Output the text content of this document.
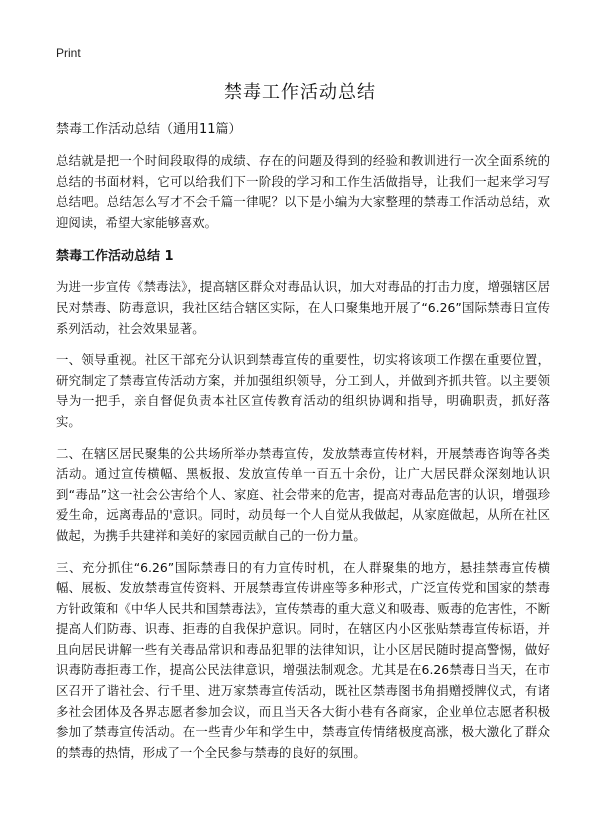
Print
禁毒工作活动总结

禁毒工作活动总结（通用11篇）

总结就是把一个时间段取得的成绩、存在的问题及得到的经验和教训进行一次全面系统的总结的书面材料，它可以给我们下一阶段的学习和工作生活做指导，让我们一起来学习写总结吧。总结怎么写才不会千篇一律呢？以下是小编为大家整理的禁毒工作活动总结，欢迎阅读，希望大家能够喜欢。

禁毒工作活动总结 1

为进一步宣传《禁毒法》，提高辖区群众对毒品认识，加大对毒品的打击力度，增强辖区居民对禁毒、防毒意识，我社区结合辖区实际，在人口聚集地开展了“6.26”国际禁毒日宣传系列活动，社会效果显著。

一、领导重视。社区干部充分认识到禁毒宣传的重要性，切实将该项工作摆在重要位置，研究制定了禁毒宣传活动方案，并加强组织领导，分工到人，并做到齐抓共管。以主要领导为一把手，亲自督促负责本社区宣传教育活动的组织协调和指导，明确职责，抓好落实。

二、在辖区居民聚集的公共场所举办禁毒宣传，发放禁毒宣传材料，开展禁毒咨询等各类活动。通过宣传横幅、黑板报、发放宣传单一百五十余份，让广大居民群众深刻地认识到“毒品”这一社会公害给个人、家庭、社会带来的危害，提高对毒品危害的认识，增强珍爱生命，远离毒品的'意识。同时，动员每一个人自觉从我做起，从家庭做起，从所在社区做起，为携手共建祥和美好的家园贡献自己的一份力量。

三、充分抓住“6.26”国际禁毒日的有力宣传时机，在人群聚集的地方，悬挂禁毒宣传横幅、展板、发放禁毒宣传资料、开展禁毒宣传讲座等多种形式，广泛宣传党和国家的禁毒方针政策和《中华人民共和国禁毒法》，宣传禁毒的重大意义和吸毒、贩毒的危害性，不断提高人们防毒、识毒、拒毒的自我保护意识。同时，在辖区内小区张贴禁毒宣传标语，并且向居民讲解一些有关毒品常识和毒品犯罪的法律知识，让小区居民随时提高警惕，做好识毒防毒拒毒工作，提高公民法律意识，增强法制观念。尤其是在6.26禁毒日当天，在市区召开了谐社会、行千里、进万家禁毒宣传活动，既社区禁毒图书角捐赠授牌仪式，有诸多社会团体及各界志愿者参加会议，而且当天各大街小巷有各商家，企业单位志愿者积极参加了禁毒宣传活动。在一些青少年和学生中，禁毒宣传情绪极度高涨，极大激化了群众的禁毒的热情，形成了一个全民参与禁毒的良好的氛围。
